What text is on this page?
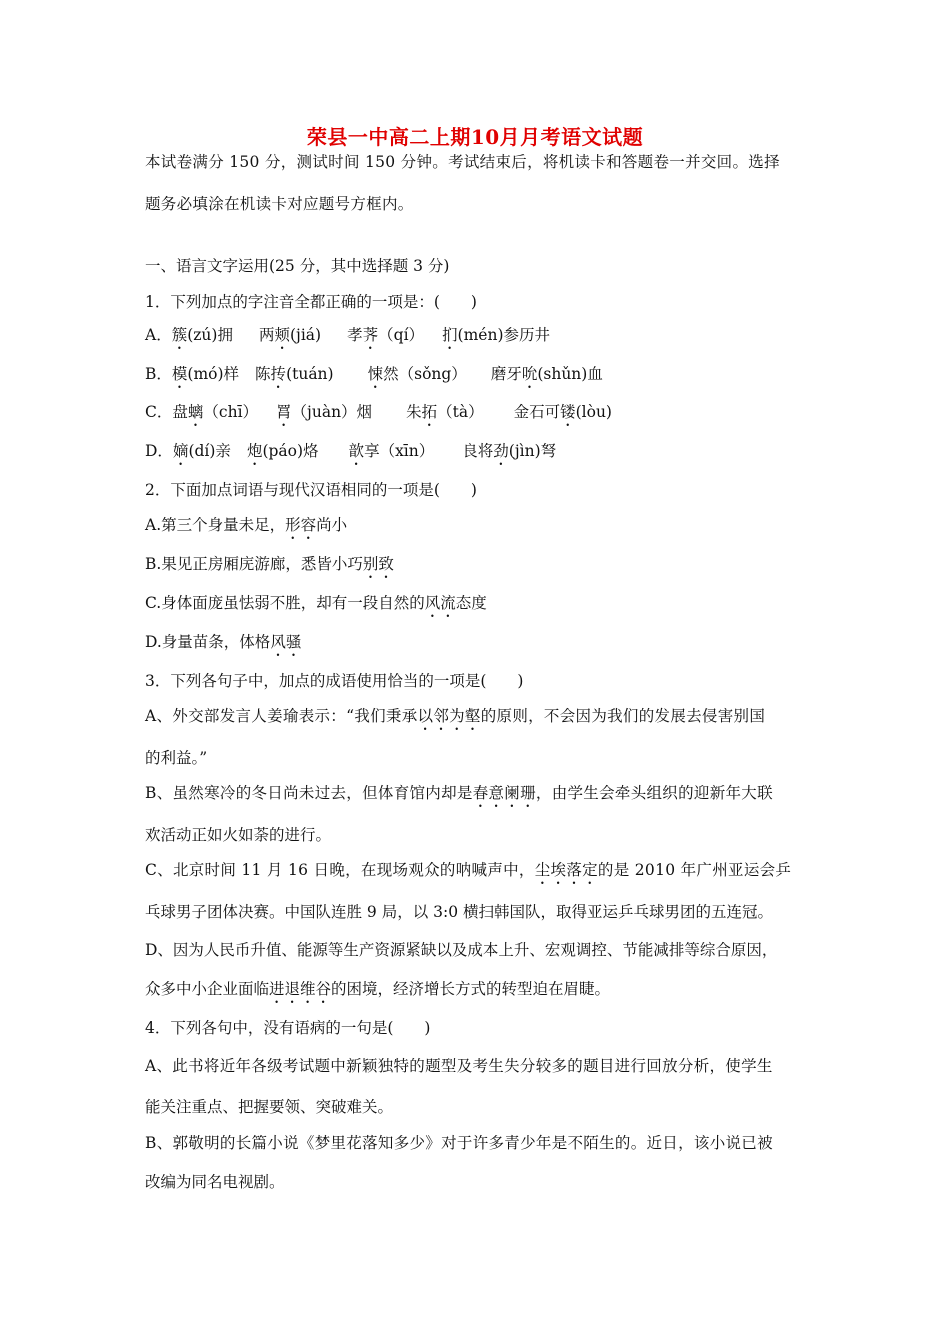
荣县一中高二上期10月月考语文试题
本试卷满分 150 分，测试时间 150 分钟。考试结束后，将机读卡和答题卷一并交回。选择
题务必填涂在机读卡对应题号方框内。
一、语言文字运用(25 分，其中选择题 3 分)
1．下列加点的字注音全都正确的一项是：(　　)
A．簇(zú)拥 两颊(jiá) 孝荠（qí） 扪(mén)参历井
B．模(mó)样 陈抟(tuán) 悚然（sǒng） 磨牙吮(shǔn)血
C．盘螭（chī） 罥（juàn）烟 朱拓（tà） 金石可镂(lòu)
D．嫡(dí)亲 炮(páo)烙 歆享（xīn） 良将劲(jìn)弩
2．下面加点词语与现代汉语相同的一项是(　　)
A.第三个身量未足，形容尚小
B.果见正房厢庑游廊，悉皆小巧别致
C.身体面庞虽怯弱不胜，却有一段自然的风流态度
D.身量苗条，体格风骚
3．下列各句子中，加点的成语使用恰当的一项是(　　)
A、外交部发言人姜瑜表示：“我们秉承以邻为壑的原则，不会因为我们的发展去侵害别国
的利益。”
B、虽然寒冷的冬日尚未过去，但体育馆内却是春意阑珊，由学生会牵头组织的迎新年大联
欢活动正如火如荼的进行。
C、北京时间 11 月 16 日晚，在现场观众的呐喊声中，尘埃落定的是 2010 年广州亚运会乒
乓球男子团体决赛。中国队连胜 9 局，以 3:0 横扫韩国队，取得亚运乒乓球男团的五连冠。
D、因为人民币升值、能源等生产资源紧缺以及成本上升、宏观调控、节能减排等综合原因，
众多中小企业面临进退维谷的困境，经济增长方式的转型迫在眉睫。
4．下列各句中，没有语病的一句是(　　)
A、此书将近年各级考试题中新颖独特的题型及考生失分较多的题目进行回放分析，使学生
能关注重点、把握要领、突破难关。
B、郭敬明的长篇小说《梦里花落知多少》对于许多青少年是不陌生的。近日，该小说已被
改编为同名电视剧。
